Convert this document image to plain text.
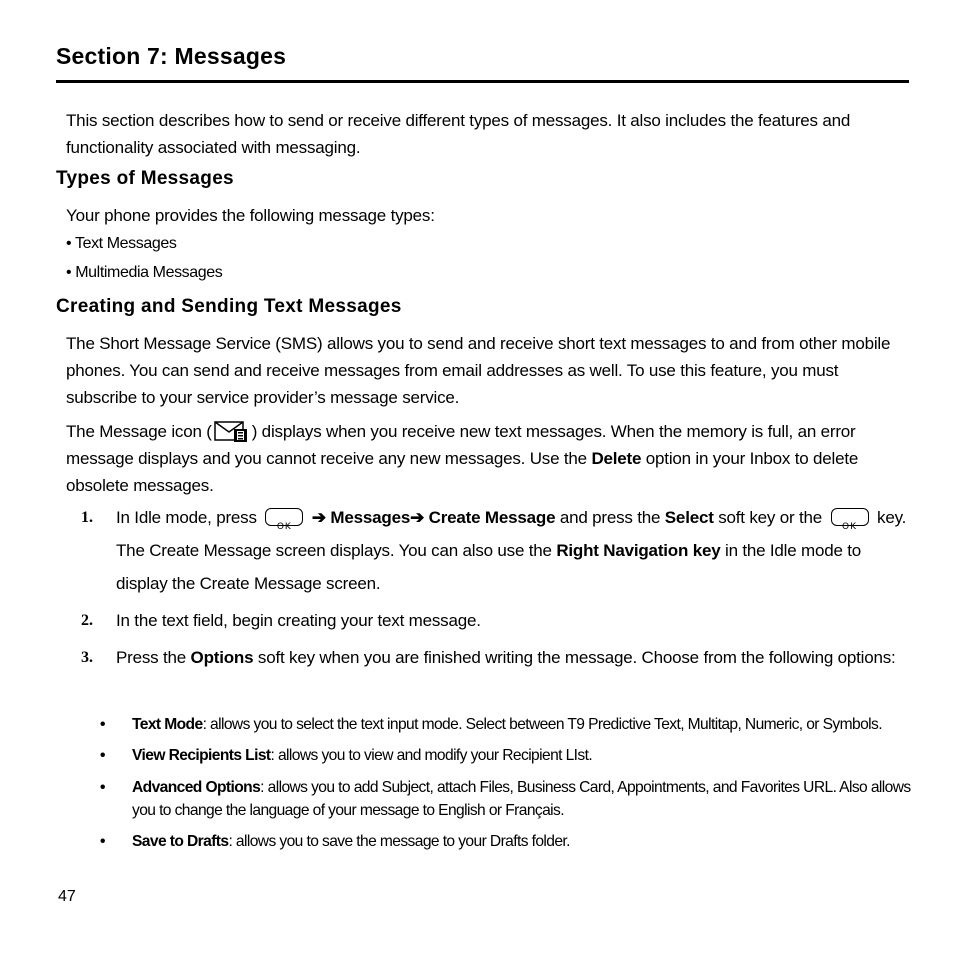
Section 7: Messages
This section describes how to send or receive different types of messages. It also includes the features and functionality associated with messaging.
Types of Messages
Your phone provides the following message types:
• Text Messages
• Multimedia Messages
Creating and Sending Text Messages
The Short Message Service (SMS) allows you to send and receive short text messages to and from other mobile phones. You can send and receive messages from email addresses as well. To use this feature, you must subscribe to your service provider’s message service.
The Message icon ( ) displays when you receive new text messages. When the memory is full, an error message displays and you cannot receive any new messages. Use the Delete option in your Inbox to delete obsolete messages.
1. In Idle mode, press	OK	➔ Messages➔ Create Message and press the Select soft key or the	OK key. The Create Message screen displays. You can also use the Right Navigation key in the Idle mode to display the Create Message screen.
2. In the text field, begin creating your text message.
3. Press the Options soft key when you are finished writing the message. Choose from the following options:
• Text Mode: allows you to select the text input mode. Select between T9 Predictive Text, Multitap, Numeric, or Symbols.
• View Recipients List: allows you to view and modify your Recipient LIst.
• Advanced Options: allows you to add Subject, attach Files, Business Card, Appointments, and Favorites URL. Also allows you to change the language of your message to English or Français.
• Save to Drafts: allows you to save the message to your Drafts folder.
47
